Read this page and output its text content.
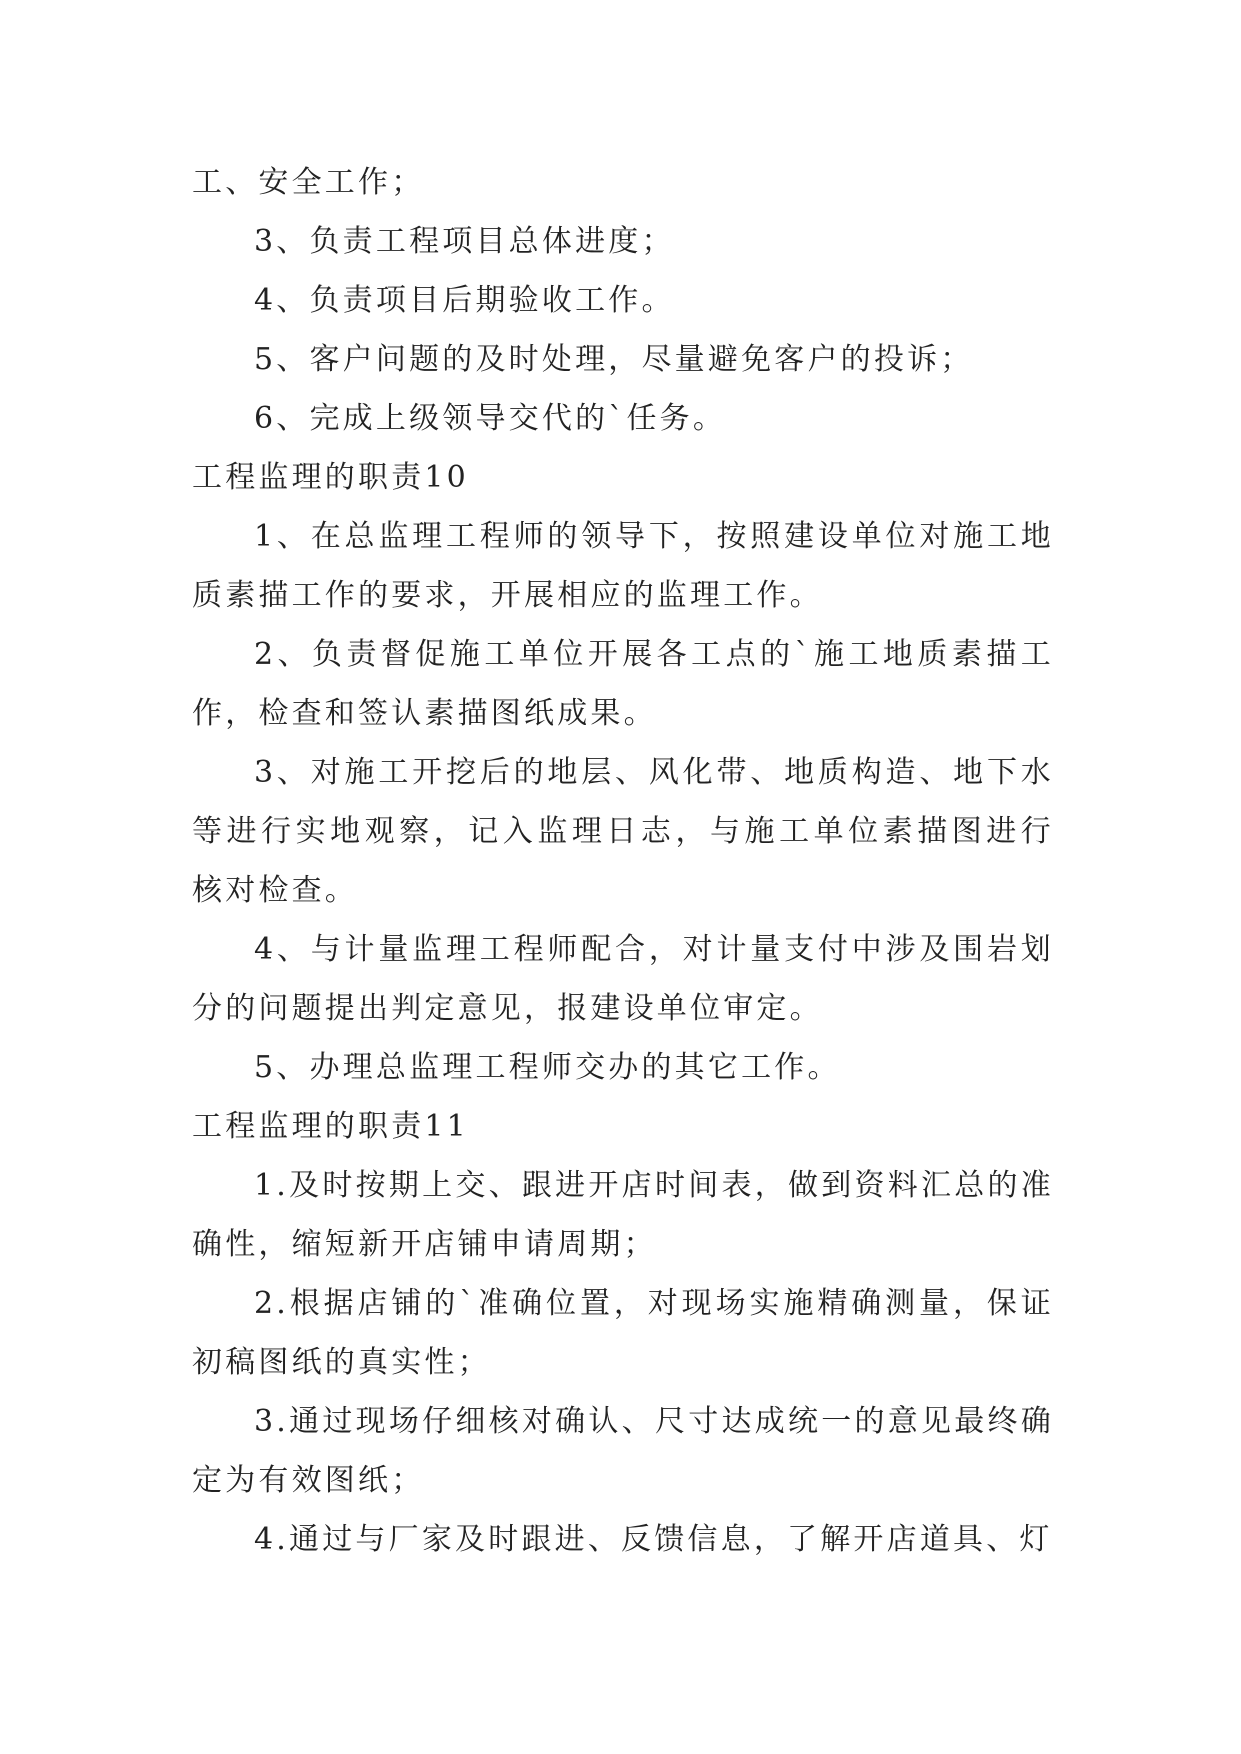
工、安全工作；

3、负责工程项目总体进度；

4、负责项目后期验收工作。

5、客户问题的及时处理，尽量避免客户的投诉；

6、完成上级领导交代的`任务。

工程监理的职责10

1、在总监理工程师的领导下，按照建设单位对施工地质素描工作的要求，开展相应的监理工作。

2、负责督促施工单位开展各工点的`施工地质素描工作，检查和签认素描图纸成果。

3、对施工开挖后的地层、风化带、地质构造、地下水等进行实地观察，记入监理日志，与施工单位素描图进行核对检查。

4、与计量监理工程师配合，对计量支付中涉及围岩划分的问题提出判定意见，报建设单位审定。

5、办理总监理工程师交办的其它工作。

工程监理的职责11

1.及时按期上交、跟进开店时间表，做到资料汇总的准确性，缩短新开店铺申请周期；

2.根据店铺的`准确位置，对现场实施精确测量，保证初稿图纸的真实性；

3.通过现场仔细核对确认、尺寸达成统一的意见最终确定为有效图纸；

4.通过与厂家及时跟进、反馈信息，了解开店道具、灯
